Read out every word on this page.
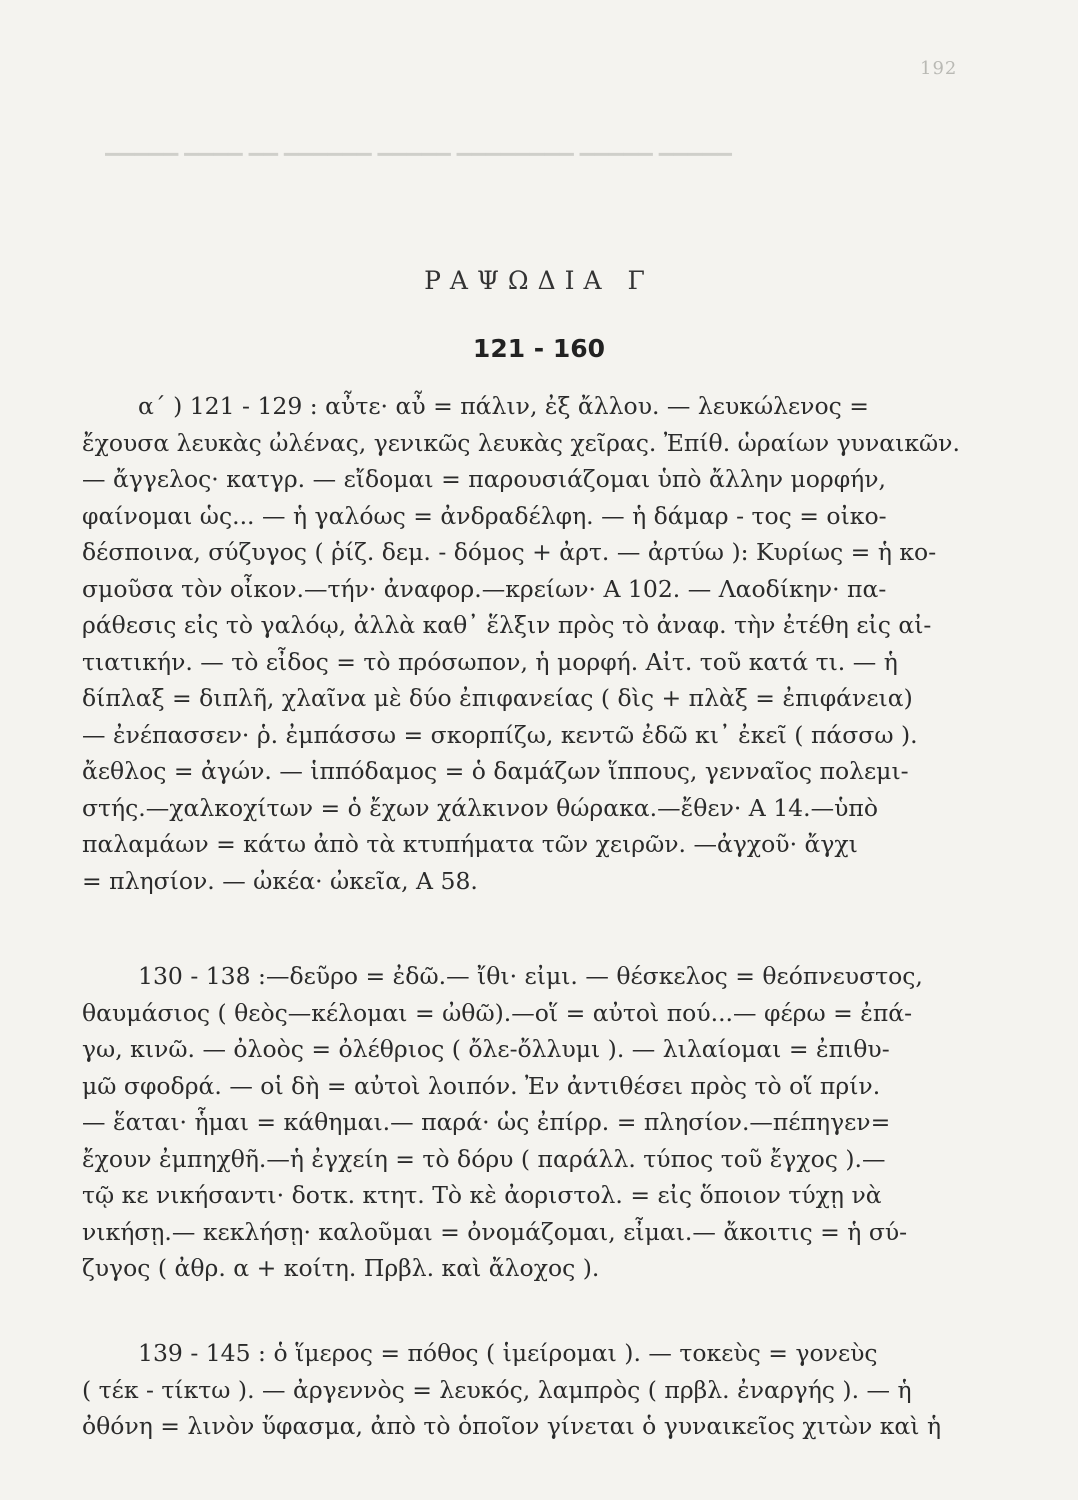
192
▁▁▁▁▁ ▁▁▁▁ ▁▁ ▁▁▁▁▁▁ ▁▁▁▁▁ ▁▁▁▁▁▁▁▁ ▁▁▁▁▁ ▁▁▁▁▁
ΡΑΨΩΔΙΑ Γ
121 - 160

α΄ ) 121 - 129 : αὖτε· αὖ = πάλιν, ἐξ ἄλλου. — λευκώλενος =

ἔχουσα λευκὰς ὠλένας, γενικῶς λευκὰς χεῖρας. Ἐπίθ. ὡραίων γυναικῶν.

— ἄγγελος· κατγρ. — εἴδομαι = παρουσιάζομαι ὑπὸ ἄλλην μορφήν,

φαίνομαι ὡς... — ἡ γαλόως = ἀνδραδέλφη. — ἡ δάμαρ - τος = οἰκο-

δέσποινα, σύζυγος ( ῥίζ. δεμ. - δόμος + ἀρτ. — ἀρτύω ): Κυρίως = ἡ κο-

σμοῦσα τὸν οἶκον.—τήν· ἀναφορ.—κρείων· Α 102. — Λαοδίκην· πα-

ράθεσις εἰς τὸ γαλόῳ, ἀλλὰ καθ᾽ ἕλξιν πρὸς τὸ ἀναφ. τὴν ἐτέθη εἰς αἰ-

τιατικήν. — τὸ εἶδος = τὸ πρόσωπον, ἡ μορφή. Αἰτ. τοῦ κατά τι. — ἡ

δίπλαξ = διπλῆ, χλαῖνα μὲ δύο ἐπιφανείας ( δὶς + πλὰξ = ἐπιφάνεια)

— ἐνέπασσεν· ῥ. ἐμπάσσω = σκορπίζω, κεντῶ ἐδῶ κι᾽ ἐκεῖ ( πάσσω ).

ἄεθλος = ἀγών. — ἱππόδαμος = ὁ δαμάζων ἵππους, γενναῖος πολεμι-

στής.—χαλκοχίτων = ὁ ἔχων χάλκινον θώρακα.—ἔθεν· Α 14.—ὑπὸ

παλαμάων = κάτω ἀπὸ τὰ κτυπήματα τῶν χειρῶν. —ἀγχοῦ· ἄγχι

= πλησίον. — ὠκέα· ὠκεῖα, Α 58.

130 - 138 :—δεῦρο = ἐδῶ.— ἴθι· εἰμι. — θέσκελος = θεόπνευστος,

θαυμάσιος ( θεὸς—κέλομαι = ὠθῶ).—οἵ = αὐτοὶ πού...— φέρω = ἐπά-

γω, κινῶ. — ὀλοὸς = ὀλέθριος ( ὄλε-ὄλλυμι ). — λιλαίομαι = ἐπιθυ-

μῶ σφοδρά. — οἱ δὴ = αὐτοὶ λοιπόν. Ἐν ἀντιθέσει πρὸς τὸ οἵ πρίν.

— ἕαται· ἧμαι = κάθημαι.— παρά· ὡς ἐπίρρ. = πλησίον.—πέπηγεν=

ἔχουν ἐμπηχθῆ.—ἡ ἐγχείη = τὸ δόρυ ( παράλλ. τύπος τοῦ ἔγχος ).—

τῷ κε νικήσαντι· δοτκ. κτητ. Τὸ κὲ ἀοριστολ. = εἰς ὅποιον τύχῃ νὰ

νικήσῃ.— κεκλήσῃ· καλοῦμαι = ὀνομάζομαι, εἶμαι.— ἄκοιτις = ἡ σύ-

ζυγος ( ἀθρ. α + κοίτη. Πρβλ. καὶ ἄλοχος ).

139 - 145 : ὁ ἵμερος = πόθος ( ἱμείρομαι ). — τοκεὺς = γονεὺς

( τέκ - τίκτω ). — ἀργεννὸς = λευκός, λαμπρὸς ( πρβλ. ἐναργής ). — ἡ

ὀθόνη = λινὸν ὕφασμα, ἀπὸ τὸ ὁποῖον γίνεται ὁ γυναικεῖος χιτὼν καὶ ἡ
